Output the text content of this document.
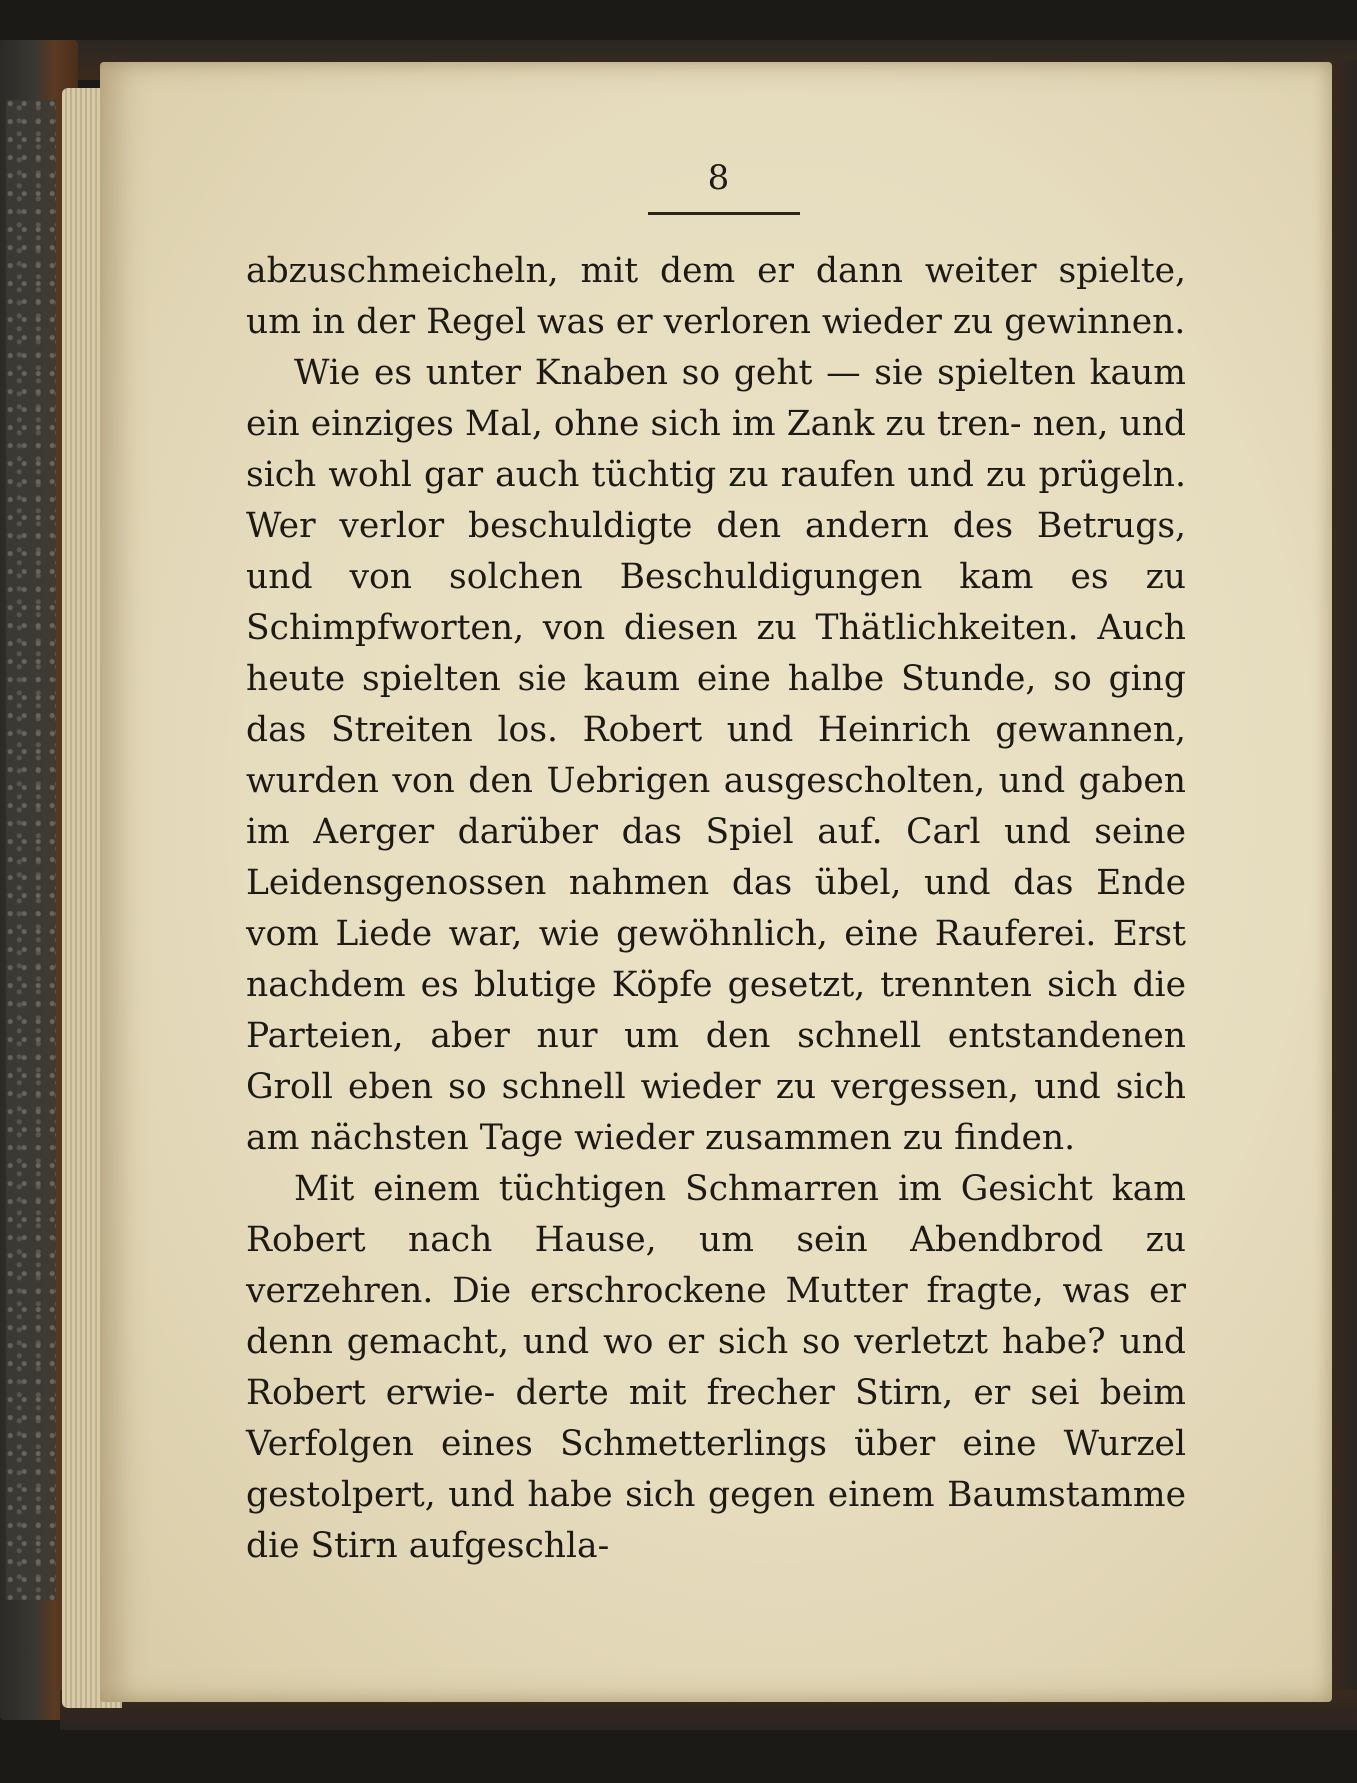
8

abzuschmeicheln, mit dem er dann weiter spielte, um in der Regel was er verloren wieder zu gewinnen.

Wie es unter Knaben so geht — sie spielten kaum ein einziges Mal, ohne sich im Zank zu tren- nen, und sich wohl gar auch tüchtig zu raufen und zu prügeln. Wer verlor beschuldigte den andern des Betrugs, und von solchen Beschuldigungen kam es zu Schimpfworten, von diesen zu Thätlichkeiten. Auch heute spielten sie kaum eine halbe Stunde, so ging das Streiten los. Robert und Heinrich gewannen, wurden von den Uebrigen ausgescholten, und gaben im Aerger darüber das Spiel auf. Carl und seine Leidensgenossen nahmen das übel, und das Ende vom Liede war, wie gewöhnlich, eine Rauferei. Erst nachdem es blutige Köpfe gesetzt, trennten sich die Parteien, aber nur um den schnell entstandenen Groll eben so schnell wieder zu vergessen, und sich am nächsten Tage wieder zusammen zu finden.

Mit einem tüchtigen Schmarren im Gesicht kam Robert nach Hause, um sein Abendbrod zu verzehren. Die erschrockene Mutter fragte, was er denn gemacht, und wo er sich so verletzt habe? und Robert erwie- derte mit frecher Stirn, er sei beim Verfolgen eines Schmetterlings über eine Wurzel gestolpert, und habe sich gegen einem Baumstamme die Stirn aufgeschla-
